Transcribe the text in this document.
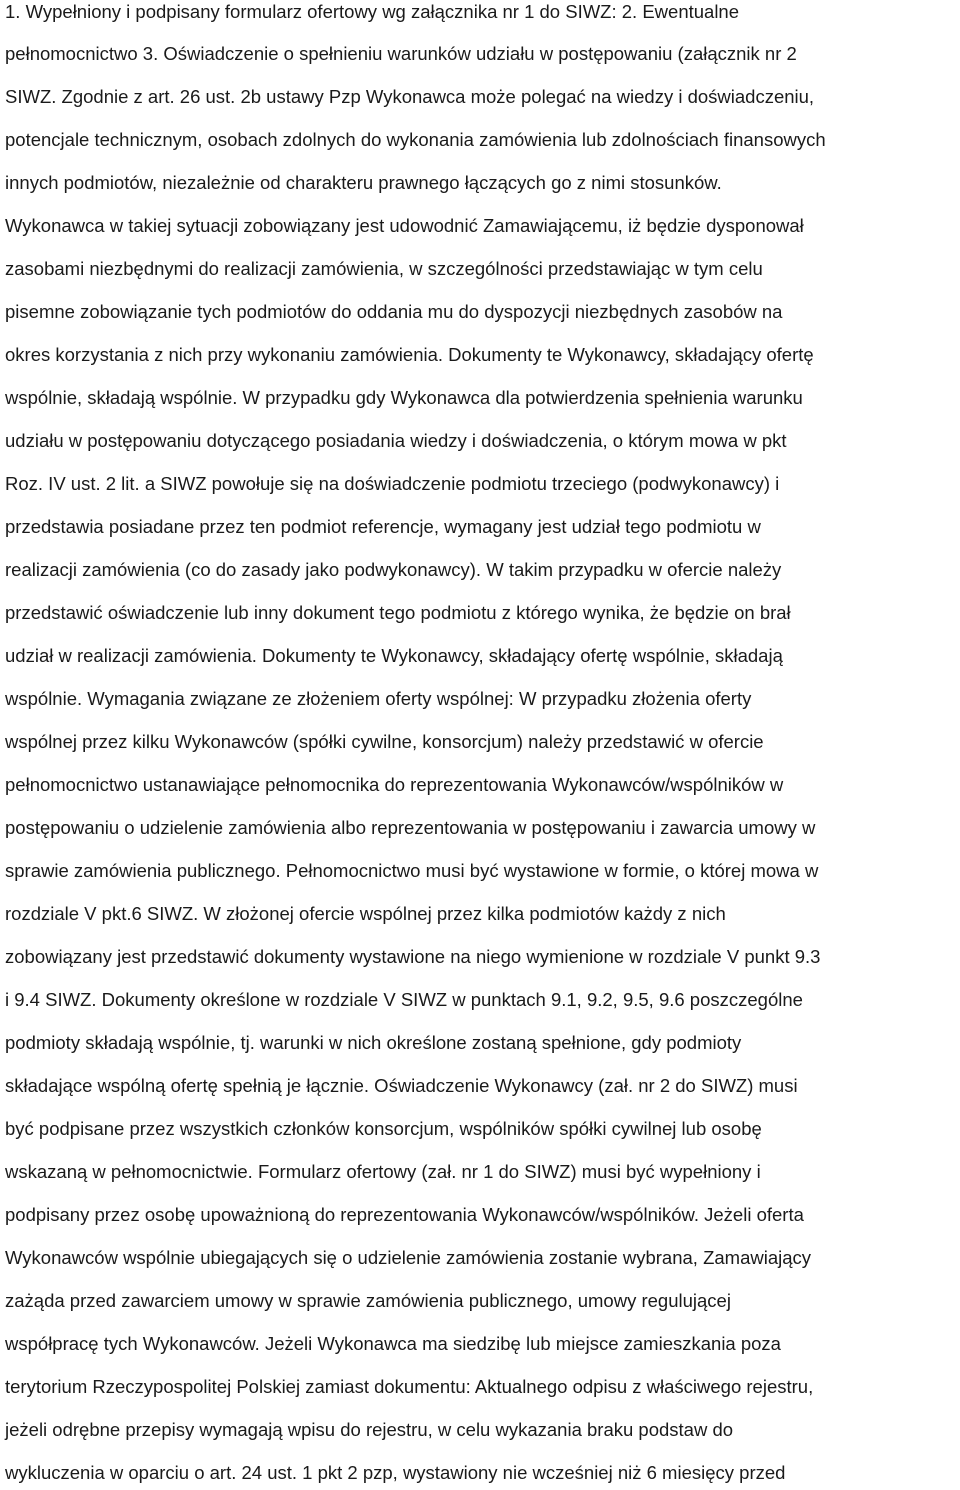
1. Wypełniony i podpisany formularz ofertowy wg załącznika nr 1 do SIWZ: 2. Ewentualne
pełnomocnictwo 3. Oświadczenie o spełnieniu warunków udziału w postępowaniu (załącznik nr 2
SIWZ. Zgodnie z art. 26 ust. 2b ustawy Pzp Wykonawca może polegać na wiedzy i doświadczeniu,
potencjale technicznym, osobach zdolnych do wykonania zamówienia lub zdolnościach finansowych
innych podmiotów, niezależnie od charakteru prawnego łączących go z nimi stosunków.
Wykonawca w takiej sytuacji zobowiązany jest udowodnić Zamawiającemu, iż będzie dysponował
zasobami niezbędnymi do realizacji zamówienia, w szczególności przedstawiając w tym celu
pisemne zobowiązanie tych podmiotów do oddania mu do dyspozycji niezbędnych zasobów na
okres korzystania z nich przy wykonaniu zamówienia. Dokumenty te Wykonawcy, składający ofertę
wspólnie, składają wspólnie. W przypadku gdy Wykonawca dla potwierdzenia spełnienia warunku
udziału w postępowaniu dotyczącego posiadania wiedzy i doświadczenia, o którym mowa w pkt
Roz. IV ust. 2 lit. a SIWZ powołuje się na doświadczenie podmiotu trzeciego (podwykonawcy) i
przedstawia posiadane przez ten podmiot referencje, wymagany jest udział tego podmiotu w
realizacji zamówienia (co do zasady jako podwykonawcy). W takim przypadku w ofercie należy
przedstawić oświadczenie lub inny dokument tego podmiotu z którego wynika, że będzie on brał
udział w realizacji zamówienia. Dokumenty te Wykonawcy, składający ofertę wspólnie, składają
wspólnie. Wymagania związane ze złożeniem oferty wspólnej: W przypadku złożenia oferty
wspólnej przez kilku Wykonawców (spółki cywilne, konsorcjum) należy przedstawić w ofercie
pełnomocnictwo ustanawiające pełnomocnika do reprezentowania Wykonawców/wspólników w
postępowaniu o udzielenie zamówienia albo reprezentowania w postępowaniu i zawarcia umowy w
sprawie zamówienia publicznego. Pełnomocnictwo musi być wystawione w formie, o której mowa w
rozdziale V pkt.6 SIWZ. W złożonej ofercie wspólnej przez kilka podmiotów każdy z nich
zobowiązany jest przedstawić dokumenty wystawione na niego wymienione w rozdziale V punkt 9.3
i 9.4 SIWZ. Dokumenty określone w rozdziale V SIWZ w punktach 9.1, 9.2, 9.5, 9.6 poszczególne
podmioty składają wspólnie, tj. warunki w nich określone zostaną spełnione, gdy podmioty
składające wspólną ofertę spełnią je łącznie. Oświadczenie Wykonawcy (zał. nr 2 do SIWZ) musi
być podpisane przez wszystkich członków konsorcjum, wspólników spółki cywilnej lub osobę
wskazaną w pełnomocnictwie. Formularz ofertowy (zał. nr 1 do SIWZ) musi być wypełniony i
podpisany przez osobę upoważnioną do reprezentowania Wykonawców/wspólników. Jeżeli oferta
Wykonawców wspólnie ubiegających się o udzielenie zamówienia zostanie wybrana, Zamawiający
zażąda przed zawarciem umowy w sprawie zamówienia publicznego, umowy regulującej
współpracę tych Wykonawców. Jeżeli Wykonawca ma siedzibę lub miejsce zamieszkania poza
terytorium Rzeczypospolitej Polskiej zamiast dokumentu: Aktualnego odpisu z właściwego rejestru,
jeżeli odrębne przepisy wymagają wpisu do rejestru, w celu wykazania braku podstaw do
wykluczenia w oparciu o art. 24 ust. 1 pkt 2 pzp, wystawiony nie wcześniej niż 6 miesięcy przed
